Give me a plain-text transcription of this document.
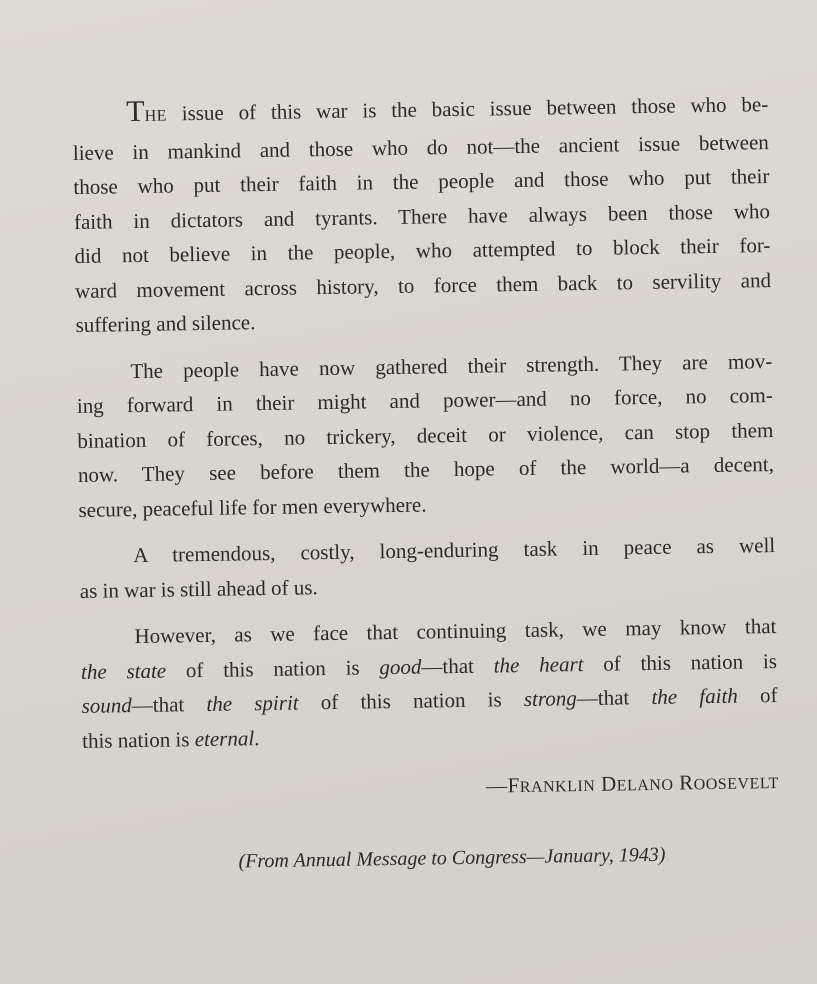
THE issue of this war is the basic issue between those who be-
lieve in mankind and those who do not—the ancient issue between
those who put their faith in the people and those who put their
faith in dictators and tyrants. There have always been those who
did not believe in the people, who attempted to block their for-
ward movement across history, to force them back to servility and
suffering and silence.

The people have now gathered their strength. They are mov-
ing forward in their might and power—and no force, no com-
bination of forces, no trickery, deceit or violence, can stop them
now. They see before them the hope of the world—a decent,
secure, peaceful life for men everywhere.

A tremendous, costly, long-enduring task in peace as well
as in war is still ahead of us.

However, as we face that continuing task, we may know that
the state of this nation is good—that the heart of this nation is
sound—that the spirit of this nation is strong—that the faith of
this nation is eternal.

—FRANKLIN DELANO ROOSEVELT
(From Annual Message to Congress—January, 1943)
